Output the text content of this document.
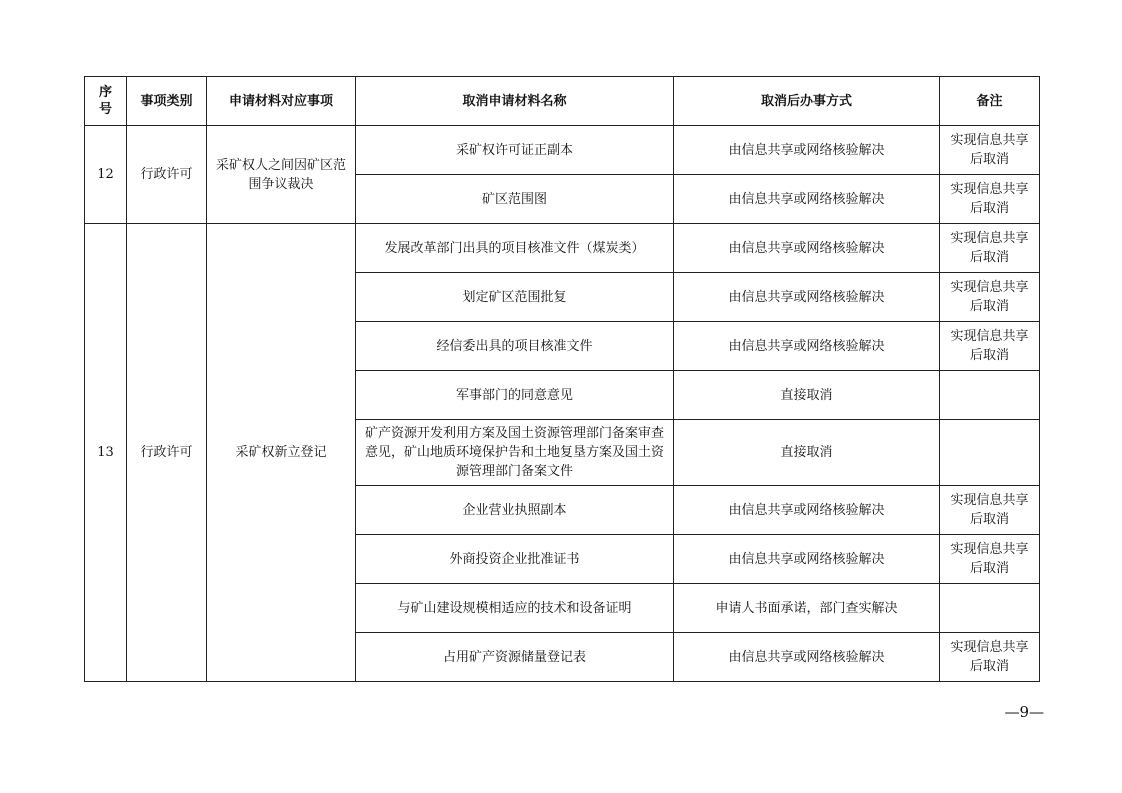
序号	事项类别	申请材料对应事项	取消申请材料名称	取消后办事方式	备注
12	行政许可	采矿权人之间因矿区范围争议裁决	采矿权许可证正副本	由信息共享或网络核验解决	实现信息共享后取消
			矿区范围图	由信息共享或网络核验解决	实现信息共享后取消
13	行政许可	采矿权新立登记	发展改革部门出具的项目核准文件（煤炭类）	由信息共享或网络核验解决	实现信息共享后取消
			划定矿区范围批复	由信息共享或网络核验解决	实现信息共享后取消
			经信委出具的项目核准文件	由信息共享或网络核验解决	实现信息共享后取消
			军事部门的同意意见	直接取消	
			矿产资源开发利用方案及国土资源管理部门备案审查意见，矿山地质环境保护告和土地复垦方案及国土资源管理部门备案文件	直接取消	
			企业营业执照副本	由信息共享或网络核验解决	实现信息共享后取消
			外商投资企业批准证书	由信息共享或网络核验解决	实现信息共享后取消
			与矿山建设规模相适应的技术和设备证明	申请人书面承诺，部门查实解决	
			占用矿产资源储量登记表	由信息共享或网络核验解决	实现信息共享后取消
—9—
